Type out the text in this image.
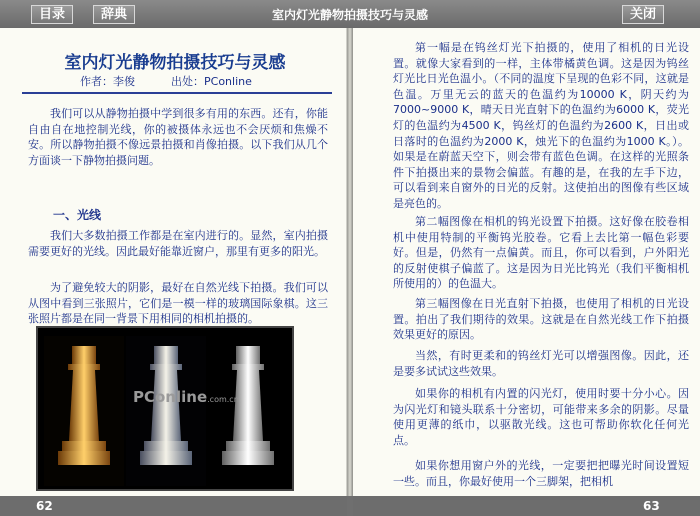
目录	辞典	室内灯光静物拍摄技巧与灵感	关闭
室内灯光静物拍摄技巧与灵感
作者：李俊	出处：PConline
我们可以从静物拍摄中学到很多有用的东西。还有，你能自由自在地控制光线，你的被摄体永远也不会厌烦和焦燥不安。所以静物拍摄不像远景拍摄和肖像拍摄。以下我们从几个方面谈一下静物拍摄问题。
一、光线
我们大多数拍摄工作都是在室内进行的。显然，室内拍摄需要更好的光线。因此最好能靠近窗户，那里有更多的阳光。
为了避免较大的阴影，最好在自然光线下拍摄。我们可以从图中看到三张照片，它们是一模一样的玻璃国际象棋。这三张照片都是在同一背景下用相同的相机拍摄的。
PConline.com.cn
第一幅是在钨丝灯光下拍摄的，使用了相机的日光设置。就像大家看到的一样，主体带橘黄色调。这是因为钨丝灯光比日光色温小。（不同的温度下呈现的色彩不同，这就是色温。万里无云的蓝天的色温约为10000 K，阴天约为7000~9000 K，晴天日光直射下的色温约为6000 K，荧光灯的色温约为4500 K，钨丝灯的色温约为2600 K，日出或日落时的色温约为2000 K，烛光下的色温约为1000 K。）。如果是在蔚蓝天空下，则会带有蓝色色调。在这样的光照条件下拍摄出来的景物会偏蓝。有趣的是，在我的左手下边，可以看到来自窗外的日光的反射。这使拍出的图像有些区域是亮色的。
第二幅图像在相机的钨光设置下拍摄。这好像在胶卷相机中使用特制的平衡钨光胶卷。它看上去比第一幅色彩要好。但是，仍然有一点偏黄。而且，你可以看到，户外阳光的反射使棋子偏蓝了。这是因为日光比钨光（我们平衡相机所使用的）的色温大。
第三幅图像在日光直射下拍摄，也使用了相机的日光设置。拍出了我们期待的效果。这就是在自然光线工作下拍摄效果更好的原因。
当然，有时更柔和的钨丝灯光可以增强图像。因此，还是要多试试这些效果。
如果你的相机有内置的闪光灯，使用时要十分小心。因为闪光灯和镜头联系十分密切，可能带来多余的阴影。尽量使用更薄的纸巾，以驱散光线。这也可帮助你软化任何光点。
如果你想用窗户外的光线，一定要把把曝光时间设置短一些。而且，你最好使用一个三脚架，把相机
62	63
